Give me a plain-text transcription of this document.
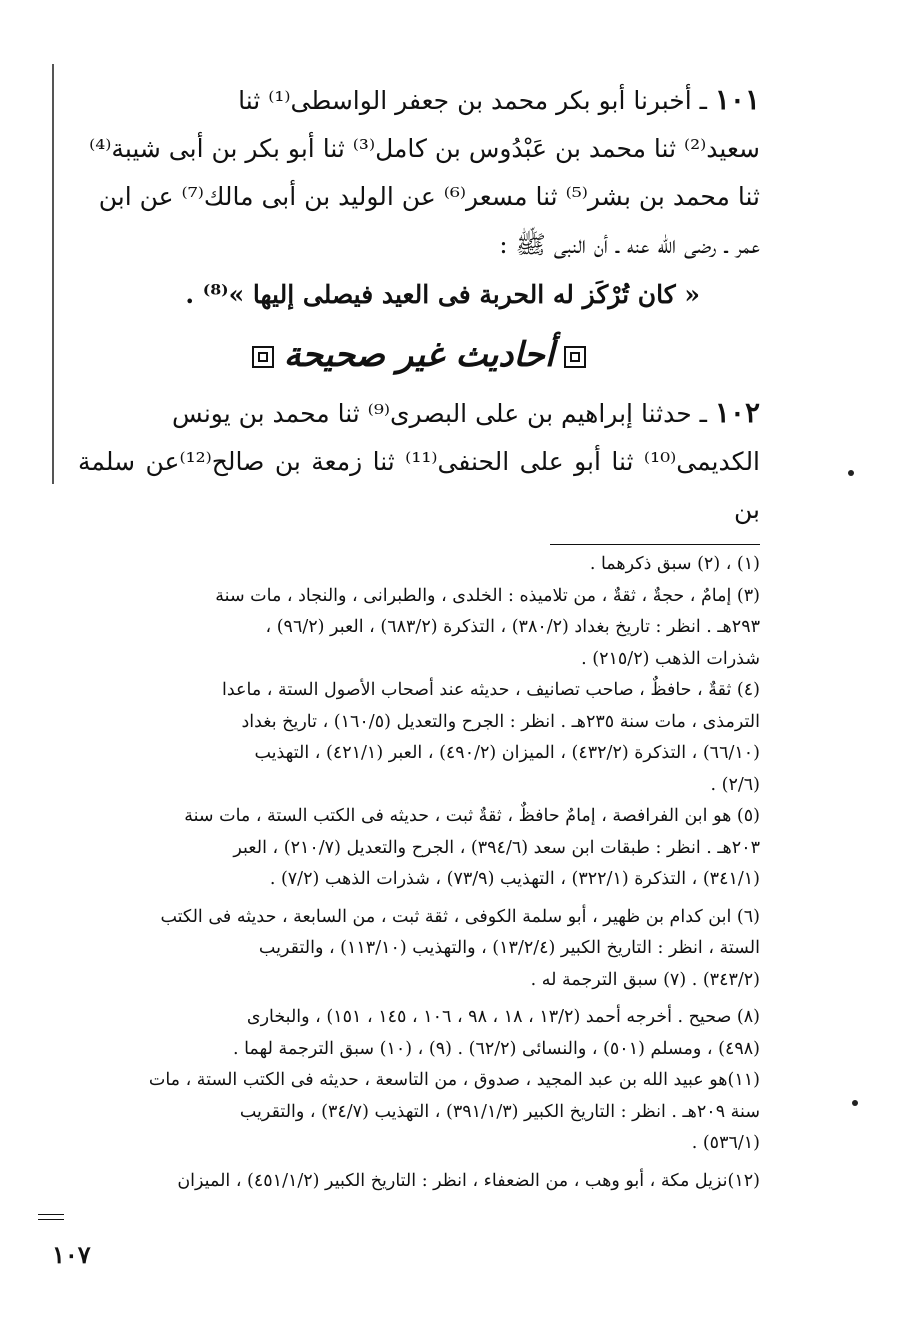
١٠١ ـ أخبرنا أبو بكر محمد بن جعفر الواسطى⁽¹⁾ ثنا

سعيد⁽²⁾ ثنا محمد بن عَبْدُوس بن كامل⁽³⁾ ثنا أبو بكر بن أبى شيبة⁽⁴⁾

ثنا محمد بن بشر⁽⁵⁾ ثنا مسعر⁽⁶⁾ عن الوليد بن أبى مالك⁽⁷⁾ عن ابن

عمر ـ رضى الله عنه ـ أن النبى ﷺ :

« كان تُرْكَز له الحربة فى العيد فيصلى إليها »⁽⁸⁾ .

أحاديث غير صحيحة

١٠٢ ـ حدثنا إبراهيم بن على البصرى⁽⁹⁾ ثنا محمد بن يونس

الكديمى⁽¹⁰⁾ ثنا أبو على الحنفى⁽¹¹⁾ ثنا زمعة بن صالح⁽¹²⁾عن سلمة بن

(١) ، (٢) سبق ذكرهما .

(٣) إمامٌ ، حجةٌ ، ثقةٌ ، من تلاميذه : الخلدى ، والطبرانى ، والنجاد ، مات سنة

٢٩٣هـ . انظر : تاريخ بغداد (٣٨٠/٢) ، التذكرة (٦٨٣/٢) ، العبر (٩٦/٢) ،

شذرات الذهب (٢١٥/٢) .

(٤) ثقةٌ ، حافظٌ ، صاحب تصانيف ، حديثه عند أصحاب الأصول الستة ، ماعدا

الترمذى ، مات سنة ٢٣٥هـ . انظر : الجرح والتعديل (١٦٠/٥) ، تاريخ بغداد

(٦٦/١٠) ، التذكرة (٤٣٢/٢) ، الميزان (٤٩٠/٢) ، العبر (٤٢١/١) ، التهذيب

(٢/٦) .

(٥) هو ابن الفرافصة ، إمامٌ حافظٌ ، ثقةٌ ثبت ، حديثه فى الكتب الستة ، مات سنة

٢٠٣هـ . انظر : طبقات ابن سعد (٣٩٤/٦) ، الجرح والتعديل (٢١٠/٧) ، العبر

(٣٤١/١) ، التذكرة (٣٢٢/١) ، التهذيب (٧٣/٩) ، شذرات الذهب (٧/٢) .

(٦) ابن كدام بن ظهير ، أبو سلمة الكوفى ، ثقة ثبت ، من السابعة ، حديثه فى الكتب

الستة ، انظر : التاريخ الكبير (١٣/٢/٤) ، والتهذيب (١١٣/١٠) ، والتقريب

(٣٤٣/٢) . (٧) سبق الترجمة له .

(٨) صحيح . أخرجه أحمد (١٣/٢ ، ١٨ ، ٩٨ ، ١٠٦ ، ١٤٥ ، ١٥١) ، والبخارى

(٤٩٨) ، ومسلم (٥٠١) ، والنسائى (٦٢/٢) . (٩) ، (١٠) سبق الترجمة لهما .

(١١)هو عبيد الله بن عبد المجيد ، صدوق ، من التاسعة ، حديثه فى الكتب الستة ، مات

سنة ٢٠٩هـ . انظر : التاريخ الكبير (٣٩١/١/٣) ، التهذيب (٣٤/٧) ، والتقريب

(٥٣٦/١) .

(١٢)نزيل مكة ، أبو وهب ، من الضعفاء ، انظر : التاريخ الكبير (٤٥١/١/٢) ، الميزان

١٠٧
